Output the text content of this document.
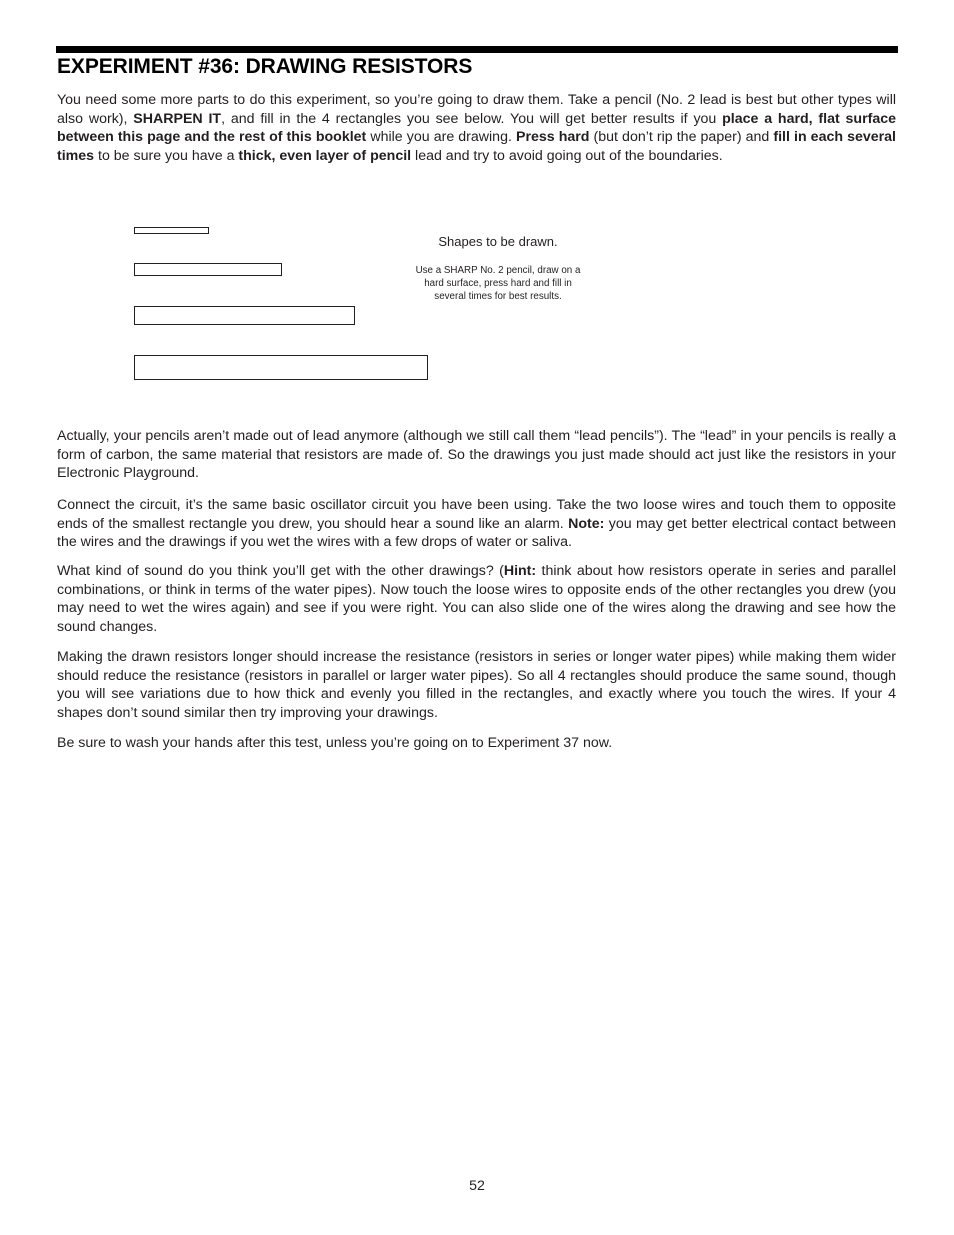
EXPERIMENT #36: DRAWING RESISTORS

You need some more parts to do this experiment, so you’re going to draw them. Take a pencil (No. 2 lead is best but other types will also work), SHARPEN IT, and fill in the 4 rectangles you see below. You will get better results if you place a hard, flat surface between this page and the rest of this booklet while you are drawing. Press hard (but don’t rip the paper) and fill in each several times to be sure you have a thick, even layer of pencil lead and try to avoid going out of the boundaries.

Shapes to be drawn.
Use a SHARP No. 2 pencil, draw on a
hard surface, press hard and fill in
several times for best results.

Actually, your pencils aren’t made out of lead anymore (although we still call them “lead pencils”). The “lead” in your pencils is really a form of carbon, the same material that resistors are made of. So the drawings you just made should act just like the resistors in your Electronic Playground.

Connect the circuit, it’s the same basic oscillator circuit you have been using. Take the two loose wires and touch them to opposite ends of the smallest rectangle you drew, you should hear a sound like an alarm. Note: you may get better electrical contact between the wires and the drawings if you wet the wires with a few drops of water or saliva.

What kind of sound do you think you’ll get with the other drawings? (Hint: think about how resistors operate in series and parallel combinations, or think in terms of the water pipes). Now touch the loose wires to opposite ends of the other rectangles you drew (you may need to wet the wires again) and see if you were right. You can also slide one of the wires along the drawing and see how the sound changes.

Making the drawn resistors longer should increase the resistance (resistors in series or longer water pipes) while making them wider should reduce the resistance (resistors in parallel or larger water pipes). So all 4 rectangles should produce the same sound, though you will see variations due to how thick and evenly you filled in the rectangles, and exactly where you touch the wires. If your 4 shapes don’t sound similar then try improving your drawings.

Be sure to wash your hands after this test, unless you’re going on to Experiment 37 now.

52
